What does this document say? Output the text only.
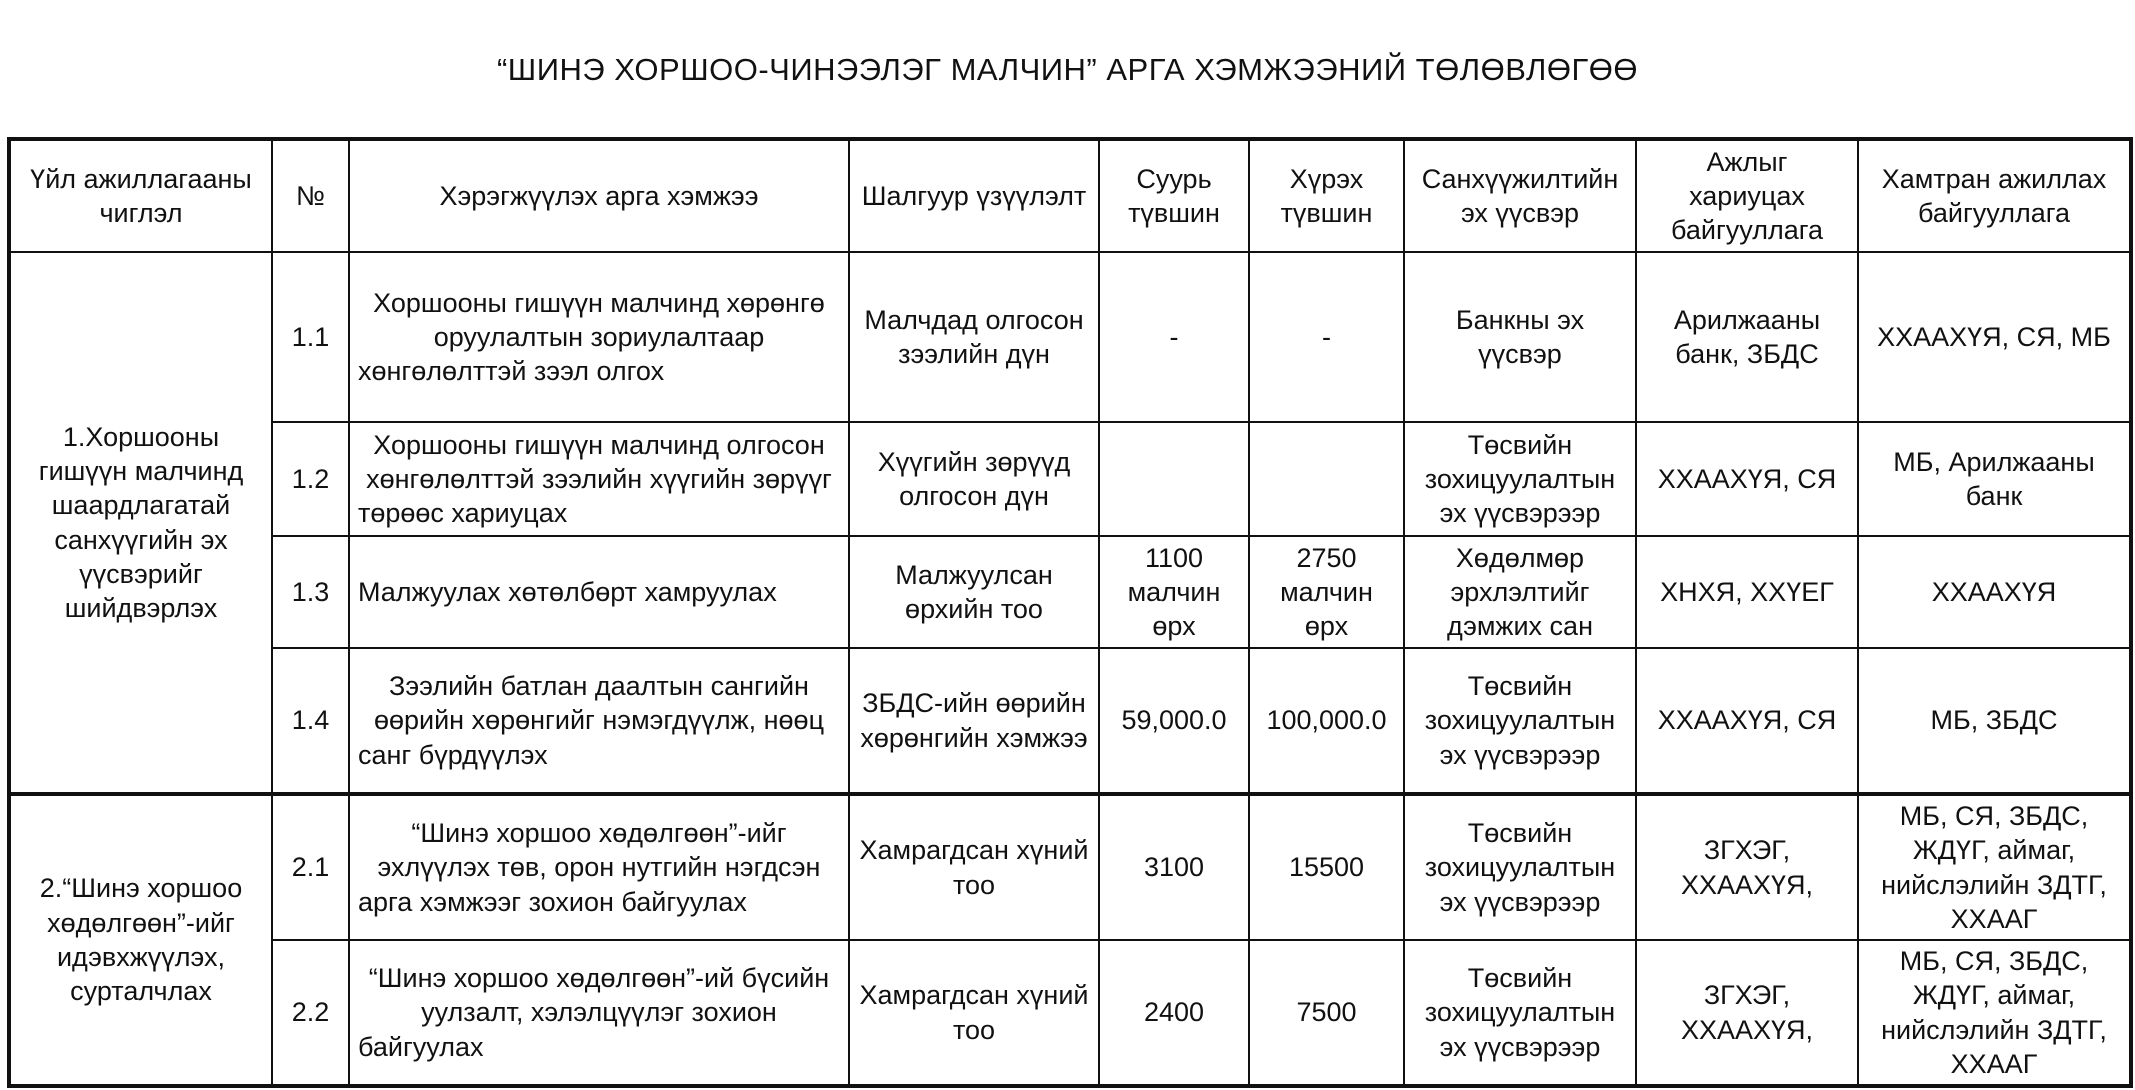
“ШИНЭ ХОРШОО-ЧИНЭЭЛЭГ МАЛЧИН” АРГА ХЭМЖЭЭНИЙ ТӨЛӨВЛӨГӨӨ
Үйл ажиллагааны чиглэл	№	Хэрэгжүүлэх арга хэмжээ	Шалгуур үзүүлэлт	Суурь түвшин	Хүрэх түвшин	Санхүүжилтийн эх үүсвэр	Ажлыг хариуцах байгууллага	Хамтран ажиллах байгууллага
1.Хоршооны гишүүн малчинд шаардлагатай санхүүгийн эх үүсвэрийг шийдвэрлэх	1.1	Хоршооны гишүүн малчинд хөрөнгө оруулалтын зориулалтаар хөнгөлөлттэй зээл олгох	Малчдад олгосон зээлийн дүн	-	-	Банкны эх үүсвэр	Арилжааны банк, ЗБДС	ХХААХҮЯ, СЯ, МБ
	1.2	Хоршооны гишүүн малчинд олгосон хөнгөлөлттэй зээлийн хүүгийн зөрүүг төрөөс хариуцах	Хүүгийн зөрүүд олгосон дүн			Төсвийн зохицуулалтын эх үүсвэрээр	ХХААХҮЯ, СЯ	МБ, Арилжааны банк
	1.3	Малжуулах хөтөлбөрт хамруулах	Малжуулсан өрхийн тоо	1100 малчин өрх	2750 малчин өрх	Хөдөлмөр эрхлэлтийг дэмжих сан	ХНХЯ, ХХҮЕГ	ХХААХҮЯ
	1.4	Зээлийн батлан даалтын сангийн өөрийн хөрөнгийг нэмэгдүүлж, нөөц санг бүрдүүлэх	ЗБДС-ийн өөрийн хөрөнгийн хэмжээ	59,000.0	100,000.0	Төсвийн зохицуулалтын эх үүсвэрээр	ХХААХҮЯ, СЯ	МБ, ЗБДС
2.“Шинэ хоршоо хөдөлгөөн”-ийг идэвхжүүлэх, сурталчлах	2.1	“Шинэ хоршоо хөдөлгөөн”-ийг эхлүүлэх төв, орон нутгийн нэгдсэн арга хэмжээг зохион байгуулах	Хамрагдсан хүний тоо	3100	15500	Төсвийн зохицуулалтын эх үүсвэрээр	ЗГХЭГ, ХХААХҮЯ,	МБ, СЯ, ЗБДС, ЖДҮГ, аймаг, нийслэлийн ЗДТГ, ХХААГ
	2.2	“Шинэ хоршоо хөдөлгөөн”-ий бүсийн уулзалт, хэлэлцүүлэг зохион байгуулах	Хамрагдсан хүний тоо	2400	7500	Төсвийн зохицуулалтын эх үүсвэрээр	ЗГХЭГ, ХХААХҮЯ,	МБ, СЯ, ЗБДС, ЖДҮГ, аймаг, нийслэлийн ЗДТГ, ХХААГ
